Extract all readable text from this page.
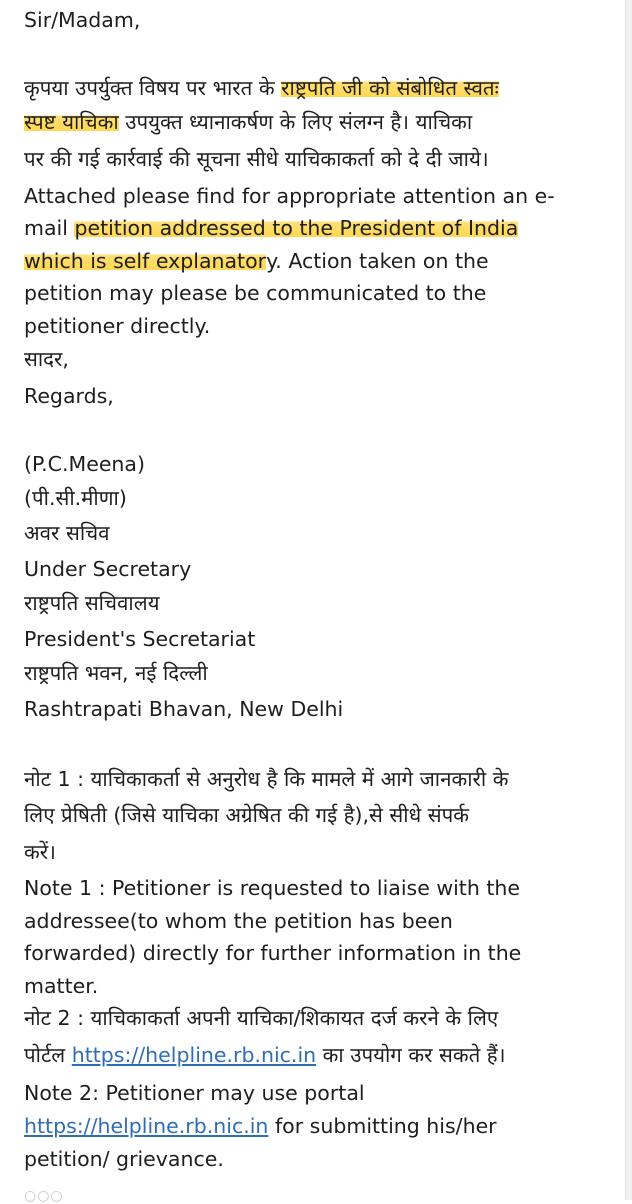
Sir/Madam,
कृपया उपर्युक्त विषय पर भारत के राष्ट्रपति जी को संबोधित स्वतः
स्पष्ट याचिका उपयुक्त ध्यानाकर्षण के लिए संलग्न है। याचिका
पर की गई कार्रवाई की सूचना सीधे याचिकाकर्ता को दे दी जाये।
Attached please find for appropriate attention an e-
mail petition addressed to the President of India
which is self explanatory. Action taken on the
petition may please be communicated to the
petitioner directly.
सादर,
Regards,
(P.C.Meena)
(पी.सी.मीणा)
अवर सचिव
Under Secretary
राष्ट्रपति सचिवालय
President's Secretariat
राष्ट्रपति भवन, नई दिल्ली
Rashtrapati Bhavan, New Delhi
नोट 1 : याचिकाकर्ता से अनुरोध है कि मामले में आगे जानकारी के
लिए प्रेषिती (जिसे याचिका अग्रेषित की गई है),से सीधे संपर्क
करें।
Note 1 : Petitioner is requested to liaise with the
addressee(to whom the petition has been
forwarded) directly for further information in the
matter.
नोट 2 : याचिकाकर्ता अपनी याचिका/शिकायत दर्ज करने के लिए
पोर्टल https://helpline.rb.nic.in का उपयोग कर सकते हैं।
Note 2: Petitioner may use portal
https://helpline.rb.nic.in for submitting his/her
petition/ grievance.
○○○
